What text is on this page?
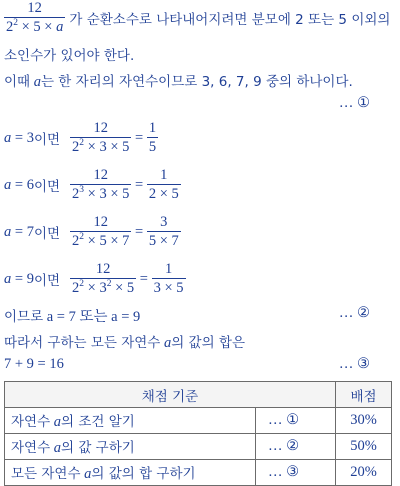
$\frac{12}{2^2 \times 5 \times a}$ 가 순환소수로 나타내어지려면 분모에 2 또는 5 이외의
소인수가 있어야 한다.
이때 a는 한 자리의 자연수이므로 3, 6, 7, 9 중의 하나이다.
… ①
a = 3 이면 $\frac{12}{2^2 \times 3 \times 5} = \frac{1}{5}$
a = 6 이면 $\frac{12}{2^3 \times 3 \times 5} = \frac{1}{2 \times 5}$
a = 7 이면 $\frac{12}{2^2 \times 5 \times 7} = \frac{3}{5 \times 7}$
a = 9 이면 $\frac{12}{2^2 \times 3^2 \times 5} = \frac{1}{3 \times 5}$
이므로 a = 7 또는 a = 9	… ②
따라서 구하는 모든 자연수 a의 값의 합은
7 + 9 = 16	… ③
채점 기준		배점
자연수 a의 조건 알기	… ①	30%
자연수 a의 값 구하기	… ②	50%
모든 자연수 a의 값의 합 구하기	… ③	20%
